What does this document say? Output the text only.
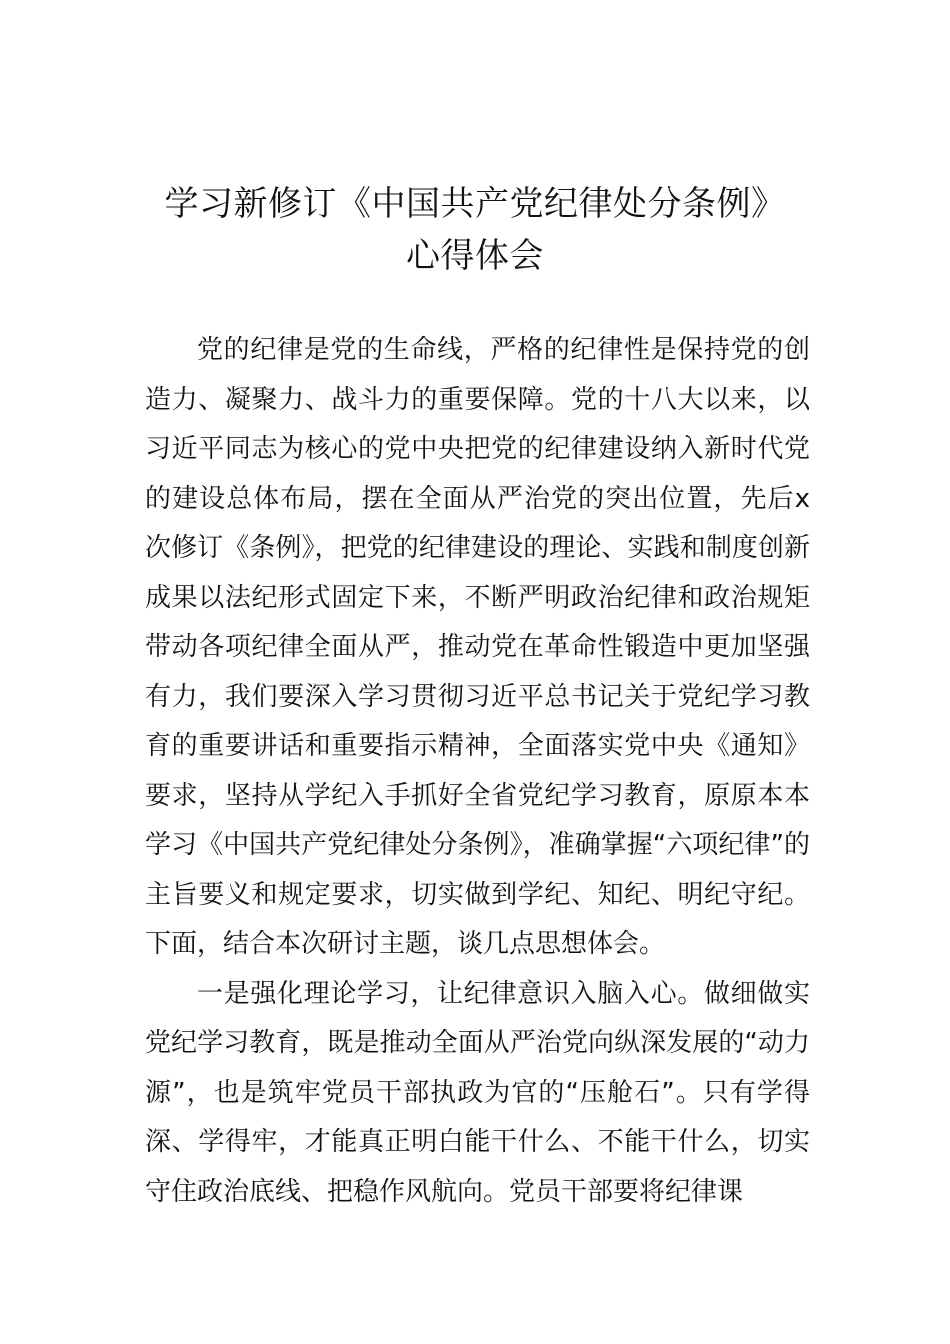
学习新修订《中国共产党纪律处分条例》
心得体会

党的纪律是党的生命线，严格的纪律性是保持党的创造力、凝聚力、战斗力的重要保障。党的十八大以来，以习近平同志为核心的党中央把党的纪律建设纳入新时代党的建设总体布局，摆在全面从严治党的突出位置，先后x次修订《条例》，把党的纪律建设的理论、实践和制度创新成果以法纪形式固定下来，不断严明政治纪律和政治规矩带动各项纪律全面从严，推动党在革命性锻造中更加坚强有力，我们要深入学习贯彻习近平总书记关于党纪学习教育的重要讲话和重要指示精神，全面落实党中央《通知》要求，坚持从学纪入手抓好全省党纪学习教育，原原本本学习《中国共产党纪律处分条例》，准确掌握“六项纪律”的主旨要义和规定要求，切实做到学纪、知纪、明纪守纪。下面，结合本次研讨主题，谈几点思想体会。

一是强化理论学习，让纪律意识入脑入心。做细做实党纪学习教育，既是推动全面从严治党向纵深发展的“动力源”，也是筑牢党员干部执政为官的“压舱石”。只有学得深、学得牢，才能真正明白能干什么、不能干什么，切实守住政治底线、把稳作风航向。党员干部要将纪律课
